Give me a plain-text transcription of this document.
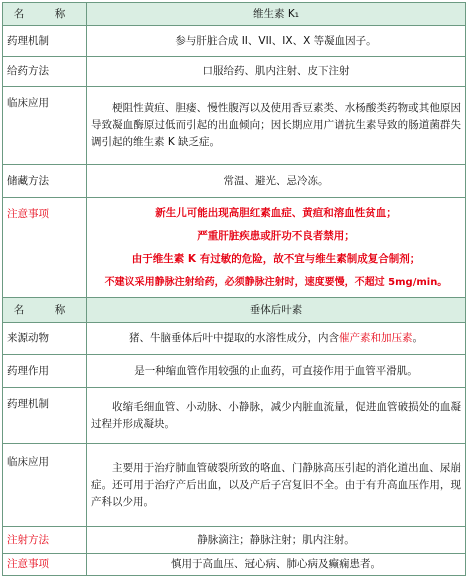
名　称	维生素 K₁
药理机制	参与肝脏合成 II、VII、IX、X 等凝血因子。
给药方法	口服给药、肌内注射、皮下注射
临床应用	梗阻性黄疸、胆瘘、慢性腹泻以及使用香豆素类、水杨酸类药物或其他原因导致凝血酶原过低而引起的出血倾向；因长期应用广谱抗生素导致的肠道菌群失调引起的维生素 K 缺乏症。
储藏方法	常温、避光、忌冷冻。
注意事项	新生儿可能出现高胆红素血症、黄疸和溶血性贫血；
严重肝脏疾患或肝功不良者禁用；
由于维生素 K 有过敏的危险，故不宜与维生素制成复合制剂；
不建议采用静脉注射给药，必须静脉注射时，速度要慢，不超过 5mg/min。

名　称	垂体后叶素
来源动物	猪、牛脑垂体后叶中提取的水溶性成分，内含催产素和加压素。
药理作用	是一种缩血管作用较强的止血药，可直接作用于血管平滑肌。
药理机制	收缩毛细血管、小动脉、小静脉，减少内脏血流量，促进血管破损处的血凝过程并形成凝块。
临床应用	主要用于治疗肺血管破裂所致的咯血、门静脉高压引起的消化道出血、尿崩症。还可用于治疗产后出血，以及产后子宫复旧不全。由于有升高血压作用，现产科以少用。
注射方法	静脉滴注；静脉注射；肌内注射。
注意事项	慎用于高血压、冠心病、肺心病及癫痫患者。
